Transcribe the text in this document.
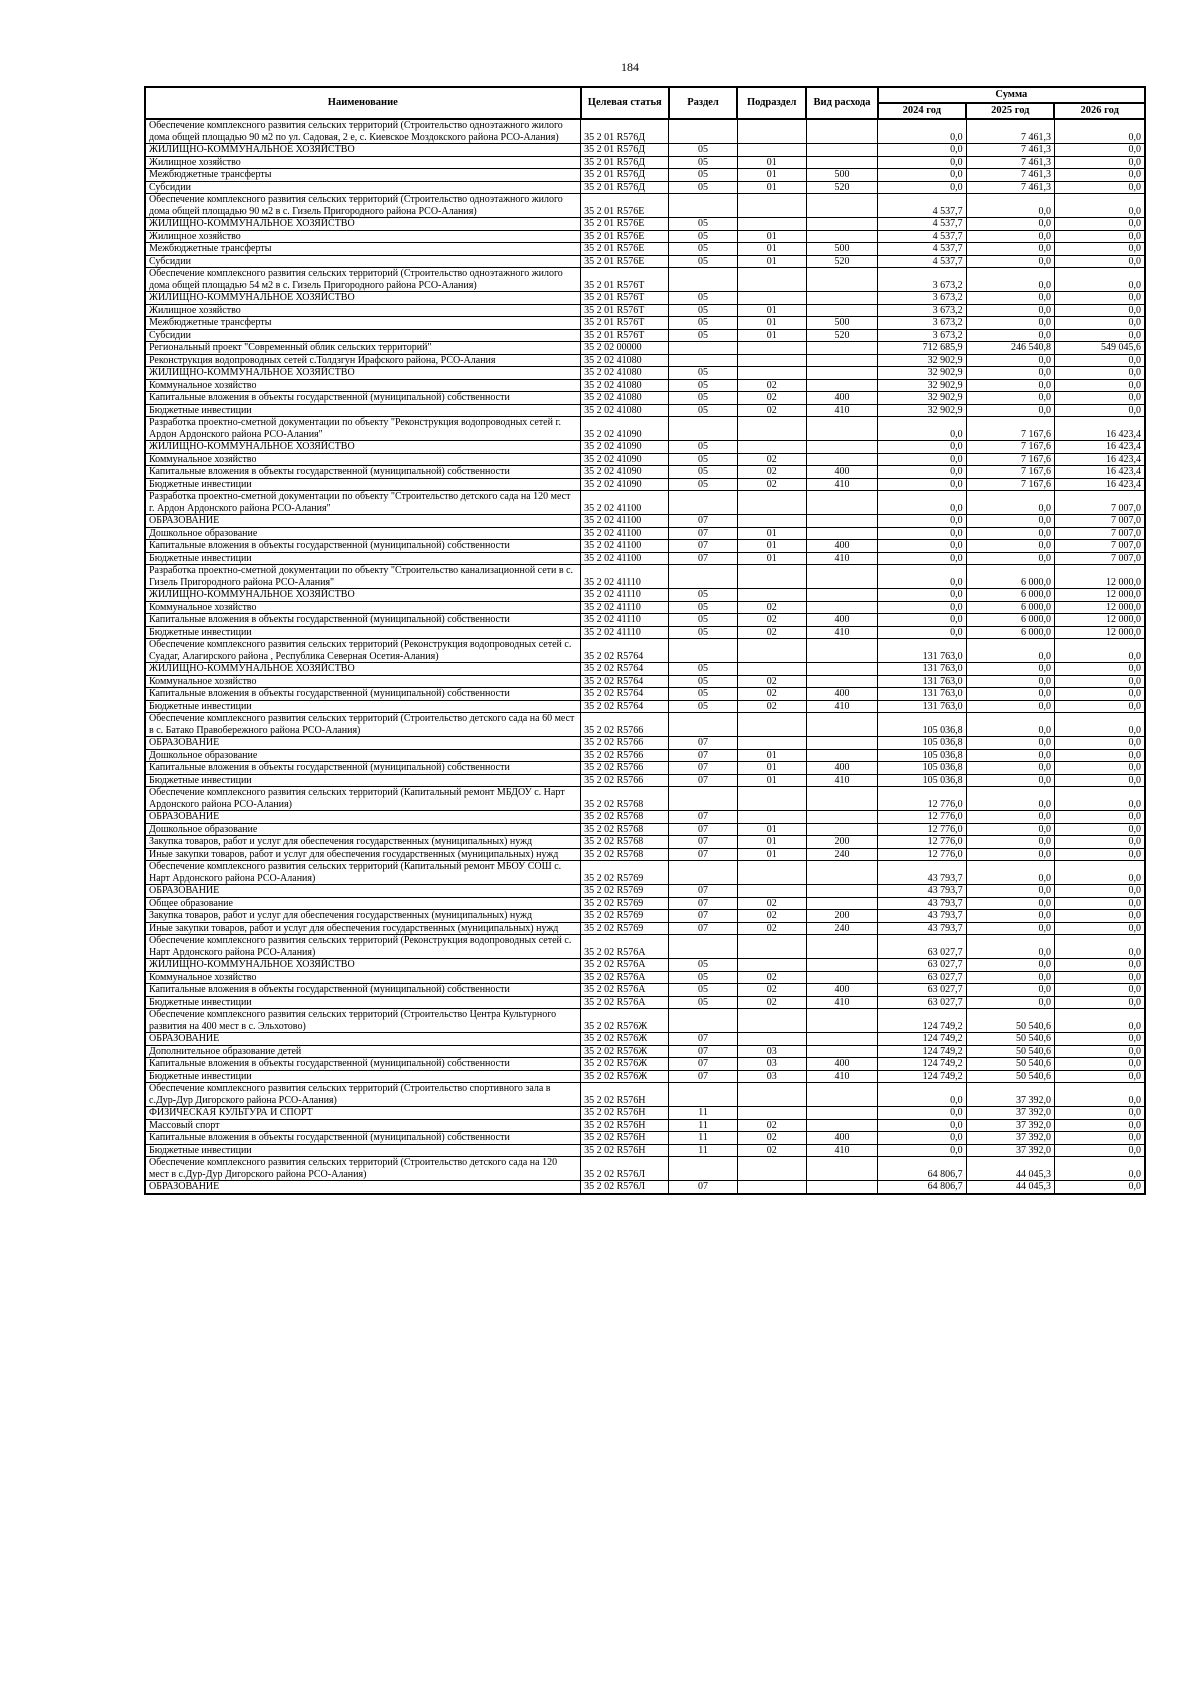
184
Наименование	Целевая статья	Раздел	Подраздел	Вид расхода	Сумма		
					2024 год	2025 год	2026 год
Обеспечение комплексного развития сельских территорий (Строительство одноэтажного жилого дома общей площадью 90 м2 по ул. Садовая, 2 е, с. Киевское Моздокского района РСО-Алания)	35 2 01 R576Д				0,0	7 461,3	0,0
ЖИЛИЩНО-КОММУНАЛЬНОЕ ХОЗЯЙСТВО	35 2 01 R576Д	05			0,0	7 461,3	0,0
Жилищное хозяйство	35 2 01 R576Д	05	01		0,0	7 461,3	0,0
Межбюджетные трансферты	35 2 01 R576Д	05	01	500	0,0	7 461,3	0,0
Субсидии	35 2 01 R576Д	05	01	520	0,0	7 461,3	0,0
Обеспечение комплексного развития сельских территорий (Строительство одноэтажного жилого дома общей площадью 90 м2 в с. Гизель Пригородного района РСО-Алания)	35 2 01 R576Е				4 537,7	0,0	0,0
ЖИЛИЩНО-КОММУНАЛЬНОЕ ХОЗЯЙСТВО	35 2 01 R576Е	05			4 537,7	0,0	0,0
Жилищное хозяйство	35 2 01 R576Е	05	01		4 537,7	0,0	0,0
Межбюджетные трансферты	35 2 01 R576Е	05	01	500	4 537,7	0,0	0,0
Субсидии	35 2 01 R576Е	05	01	520	4 537,7	0,0	0,0
Обеспечение комплексного развития сельских территорий (Строительство одноэтажного жилого дома общей площадью 54 м2 в с. Гизель Пригородного района РСО-Алания)	35 2 01 R576Т				3 673,2	0,0	0,0
ЖИЛИЩНО-КОММУНАЛЬНОЕ ХОЗЯЙСТВО	35 2 01 R576Т	05			3 673,2	0,0	0,0
Жилищное хозяйство	35 2 01 R576Т	05	01		3 673,2	0,0	0,0
Межбюджетные трансферты	35 2 01 R576Т	05	01	500	3 673,2	0,0	0,0
Субсидии	35 2 01 R576Т	05	01	520	3 673,2	0,0	0,0
Региональный проект "Современный облик сельских территорий"	35 2 02 00000				712 685,9	246 540,8	549 045,6
Реконструкция водопроводных сетей с.Толдзгун Ирафского района, РСО-Алания	35 2 02 41080				32 902,9	0,0	0,0
ЖИЛИЩНО-КОММУНАЛЬНОЕ ХОЗЯЙСТВО	35 2 02 41080	05			32 902,9	0,0	0,0
Коммунальное хозяйство	35 2 02 41080	05	02		32 902,9	0,0	0,0
Капитальные вложения в объекты государственной (муниципальной) собственности	35 2 02 41080	05	02	400	32 902,9	0,0	0,0
Бюджетные инвестиции	35 2 02 41080	05	02	410	32 902,9	0,0	0,0
Разработка проектно-сметной документации по объекту "Реконструкция водопроводных сетей г. Ардон Ардонского района РСО-Алания"	35 2 02 41090				0,0	7 167,6	16 423,4
ЖИЛИЩНО-КОММУНАЛЬНОЕ ХОЗЯЙСТВО	35 2 02 41090	05			0,0	7 167,6	16 423,4
Коммунальное хозяйство	35 2 02 41090	05	02		0,0	7 167,6	16 423,4
Капитальные вложения в объекты государственной (муниципальной) собственности	35 2 02 41090	05	02	400	0,0	7 167,6	16 423,4
Бюджетные инвестиции	35 2 02 41090	05	02	410	0,0	7 167,6	16 423,4
Разработка проектно-сметной документации по объекту "Строительство детского сада на 120 мест г. Ардон Ардонского района РСО-Алания"	35 2 02 41100				0,0	0,0	7 007,0
ОБРАЗОВАНИЕ	35 2 02 41100	07			0,0	0,0	7 007,0
Дошкольное образование	35 2 02 41100	07	01		0,0	0,0	7 007,0
Капитальные вложения в объекты государственной (муниципальной) собственности	35 2 02 41100	07	01	400	0,0	0,0	7 007,0
Бюджетные инвестиции	35 2 02 41100	07	01	410	0,0	0,0	7 007,0
Разработка проектно-сметной документации по объекту "Строительство канализационной сети в с. Гизель Пригородного района РСО-Алания"	35 2 02 41110				0,0	6 000,0	12 000,0
ЖИЛИЩНО-КОММУНАЛЬНОЕ ХОЗЯЙСТВО	35 2 02 41110	05			0,0	6 000,0	12 000,0
Коммунальное хозяйство	35 2 02 41110	05	02		0,0	6 000,0	12 000,0
Капитальные вложения в объекты государственной (муниципальной) собственности	35 2 02 41110	05	02	400	0,0	6 000,0	12 000,0
Бюджетные инвестиции	35 2 02 41110	05	02	410	0,0	6 000,0	12 000,0
Обеспечение комплексного развития сельских территорий (Реконструкция водопроводных сетей с. Суадаг, Алагирского района , Республика Северная Осетия-Алания)	35 2 02 R5764				131 763,0	0,0	0,0
ЖИЛИЩНО-КОММУНАЛЬНОЕ ХОЗЯЙСТВО	35 2 02 R5764	05			131 763,0	0,0	0,0
Коммунальное хозяйство	35 2 02 R5764	05	02		131 763,0	0,0	0,0
Капитальные вложения в объекты государственной (муниципальной) собственности	35 2 02 R5764	05	02	400	131 763,0	0,0	0,0
Бюджетные инвестиции	35 2 02 R5764	05	02	410	131 763,0	0,0	0,0
Обеспечение комплексного развития сельских территорий (Строительство детского сада на 60 мест в с. Батако Правобережного района РСО-Алания)	35 2 02 R5766				105 036,8	0,0	0,0
ОБРАЗОВАНИЕ	35 2 02 R5766	07			105 036,8	0,0	0,0
Дошкольное образование	35 2 02 R5766	07	01		105 036,8	0,0	0,0
Капитальные вложения в объекты государственной (муниципальной) собственности	35 2 02 R5766	07	01	400	105 036,8	0,0	0,0
Бюджетные инвестиции	35 2 02 R5766	07	01	410	105 036,8	0,0	0,0
Обеспечение комплексного развития сельских территорий (Капитальный ремонт МБДОУ с. Нарт Ардонского района РСО-Алания)	35 2 02 R5768				12 776,0	0,0	0,0
ОБРАЗОВАНИЕ	35 2 02 R5768	07			12 776,0	0,0	0,0
Дошкольное образование	35 2 02 R5768	07	01		12 776,0	0,0	0,0
Закупка товаров, работ и услуг для обеспечения государственных (муниципальных) нужд	35 2 02 R5768	07	01	200	12 776,0	0,0	0,0
Иные закупки товаров, работ и услуг для обеспечения государственных (муниципальных) нужд	35 2 02 R5768	07	01	240	12 776,0	0,0	0,0
Обеспечение комплексного развития сельских территорий (Капитальный ремонт МБОУ СОШ с. Нарт Ардонского района РСО-Алания)	35 2 02 R5769				43 793,7	0,0	0,0
ОБРАЗОВАНИЕ	35 2 02 R5769	07			43 793,7	0,0	0,0
Общее образование	35 2 02 R5769	07	02		43 793,7	0,0	0,0
Закупка товаров, работ и услуг для обеспечения государственных (муниципальных) нужд	35 2 02 R5769	07	02	200	43 793,7	0,0	0,0
Иные закупки товаров, работ и услуг для обеспечения государственных (муниципальных) нужд	35 2 02 R5769	07	02	240	43 793,7	0,0	0,0
Обеспечение комплексного развития сельских территорий (Реконструкция водопроводных сетей с. Нарт Ардонского района РСО-Алания)	35 2 02 R576А				63 027,7	0,0	0,0
ЖИЛИЩНО-КОММУНАЛЬНОЕ ХОЗЯЙСТВО	35 2 02 R576А	05			63 027,7	0,0	0,0
Коммунальное хозяйство	35 2 02 R576А	05	02		63 027,7	0,0	0,0
Капитальные вложения в объекты государственной (муниципальной) собственности	35 2 02 R576А	05	02	400	63 027,7	0,0	0,0
Бюджетные инвестиции	35 2 02 R576А	05	02	410	63 027,7	0,0	0,0
Обеспечение комплексного развития сельских территорий (Строительство Центра Культурного развития на 400 мест в с. Эльхотово)	35 2 02 R576Ж				124 749,2	50 540,6	0,0
ОБРАЗОВАНИЕ	35 2 02 R576Ж	07			124 749,2	50 540,6	0,0
Дополнительное образование детей	35 2 02 R576Ж	07	03		124 749,2	50 540,6	0,0
Капитальные вложения в объекты государственной (муниципальной) собственности	35 2 02 R576Ж	07	03	400	124 749,2	50 540,6	0,0
Бюджетные инвестиции	35 2 02 R576Ж	07	03	410	124 749,2	50 540,6	0,0
Обеспечение комплексного развития сельских территорий (Строительство спортивного зала в с.Дур-Дур Дигорского района РСО-Алания)	35 2 02 R576Н				0,0	37 392,0	0,0
ФИЗИЧЕСКАЯ КУЛЬТУРА И СПОРТ	35 2 02 R576Н	11			0,0	37 392,0	0,0
Массовый спорт	35 2 02 R576Н	11	02		0,0	37 392,0	0,0
Капитальные вложения в объекты государственной (муниципальной) собственности	35 2 02 R576Н	11	02	400	0,0	37 392,0	0,0
Бюджетные инвестиции	35 2 02 R576Н	11	02	410	0,0	37 392,0	0,0
Обеспечение комплексного развития сельских территорий (Строительство детского сада на 120 мест в с.Дур-Дур Дигорского района РСО-Алания)	35 2 02 R576Л				64 806,7	44 045,3	0,0
ОБРАЗОВАНИЕ	35 2 02 R576Л	07			64 806,7	44 045,3	0,0
